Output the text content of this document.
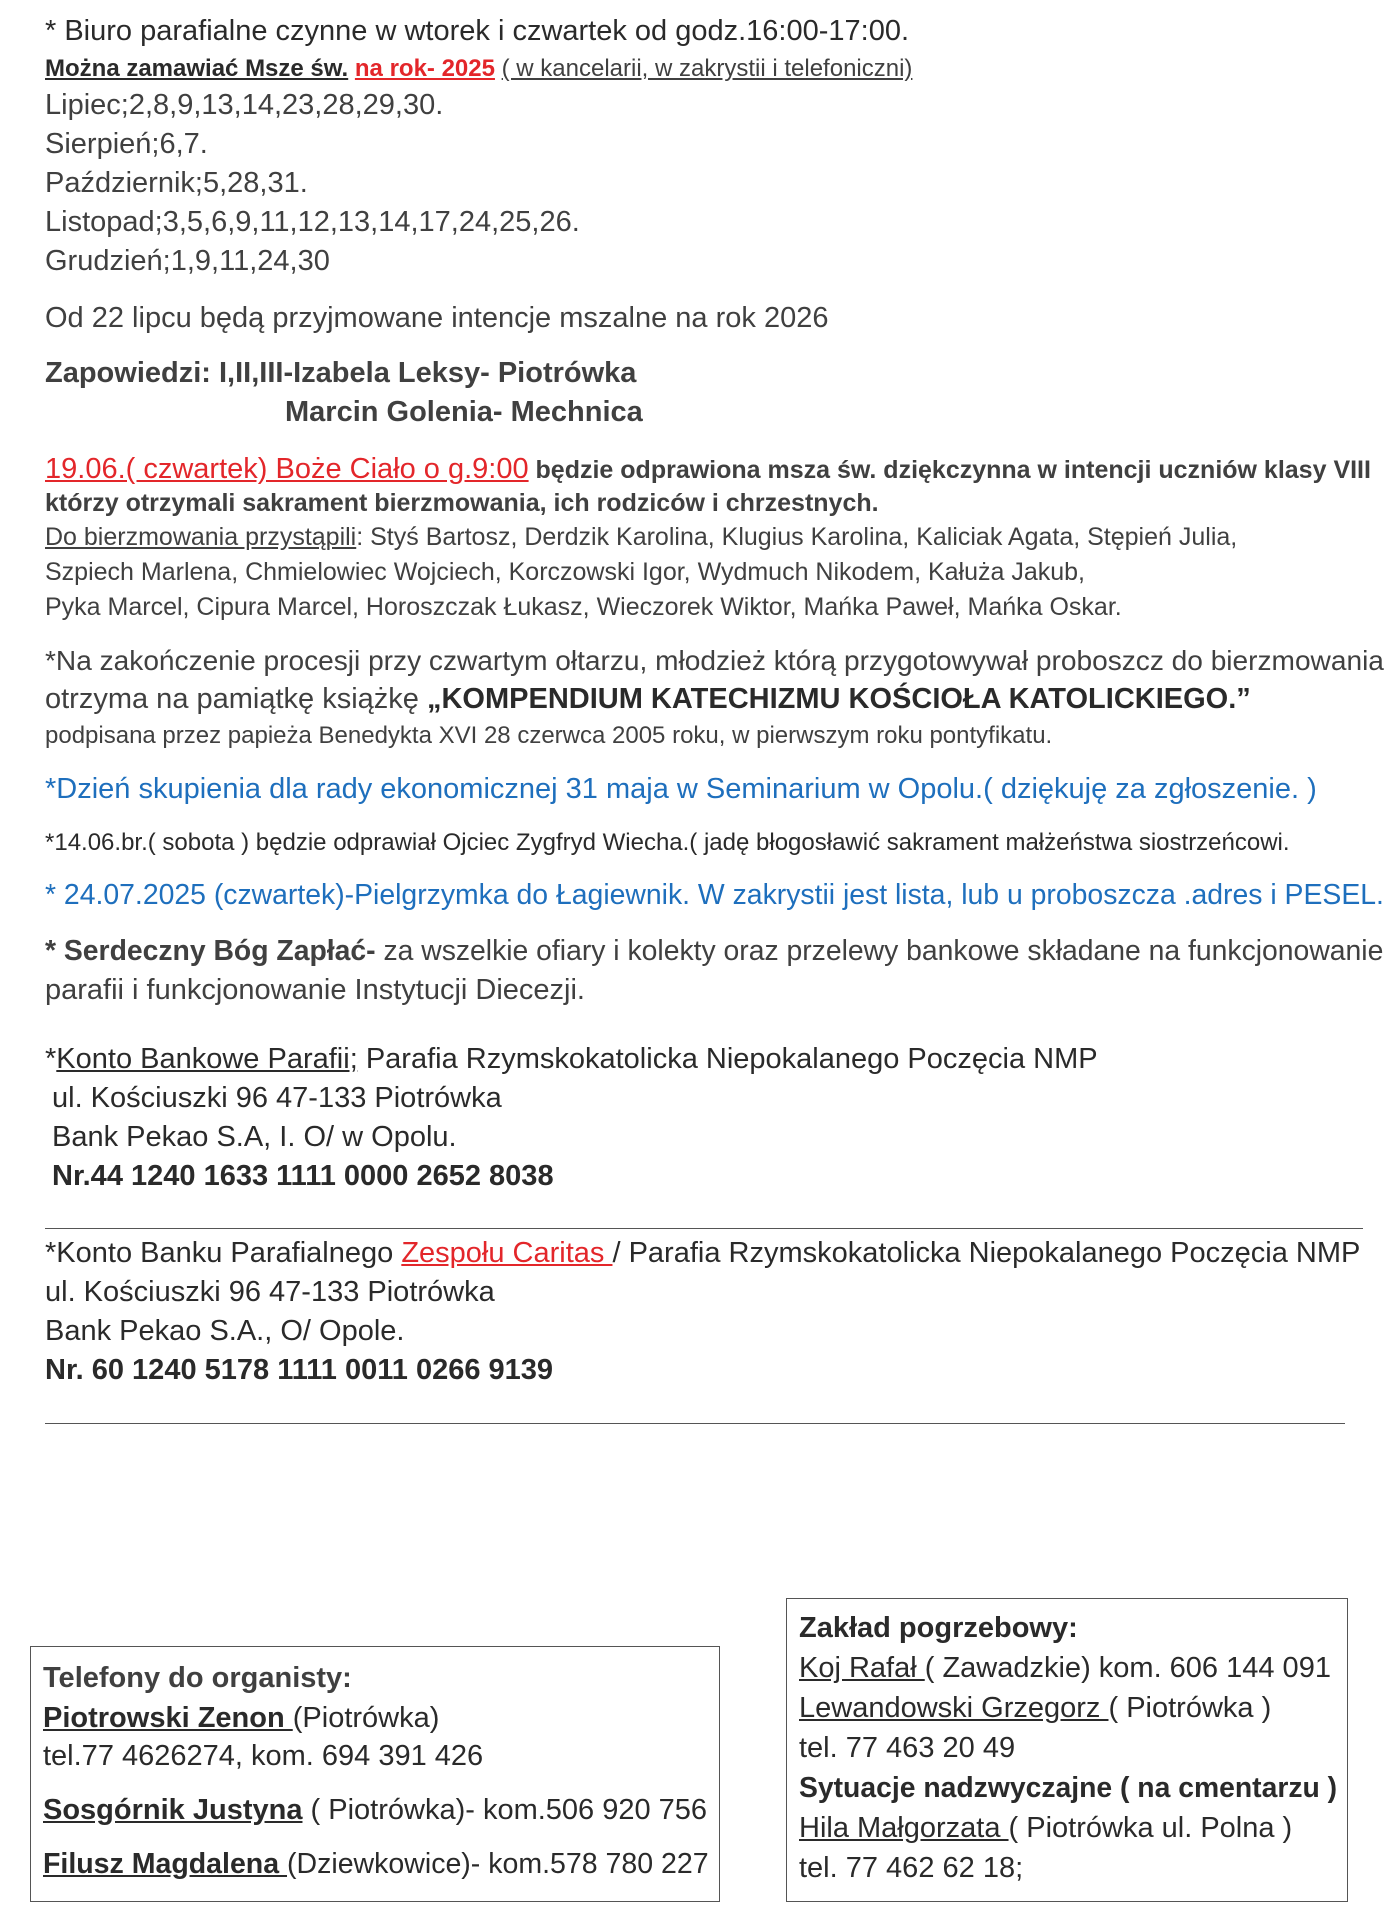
* Biuro parafialne czynne w wtorek i czwartek od godz.16:00-17:00.
Można zamawiać Msze św. na rok- 2025 ( w kancelarii, w zakrystii i telefoniczni)
Lipiec;2,8,9,13,14,23,28,29,30.
Sierpień;6,7.
Październik;5,28,31.
Listopad;3,5,6,9,11,12,13,14,17,24,25,26.
Grudzień;1,9,11,24,30
Od 22 lipcu będą przyjmowane intencje mszalne na rok 2026
Zapowiedzi: I,II,III-Izabela Leksy- Piotrówka
Marcin Golenia- Mechnica
19.06.( czwartek) Boże Ciało o g.9:00 będzie odprawiona msza św. dziękczynna w intencji uczniów klasy VIII
którzy otrzymali sakrament bierzmowania, ich rodziców i chrzestnych.
Do bierzmowania przystąpili: Styś Bartosz, Derdzik Karolina, Klugius Karolina, Kaliciak Agata, Stępień Julia,
Szpiech Marlena, Chmielowiec Wojciech, Korczowski Igor, Wydmuch Nikodem, Kałuża Jakub,
Pyka Marcel, Cipura Marcel, Horoszczak Łukasz, Wieczorek Wiktor, Mańka Paweł, Mańka Oskar.
*Na zakończenie procesji przy czwartym ołtarzu, młodzież którą przygotowywał proboszcz do bierzmowania
otrzyma na pamiątkę książkę „KOMPENDIUM KATECHIZMU KOŚCIOŁA KATOLICKIEGO.”
podpisana przez papieża Benedykta XVI 28 czerwca 2005 roku, w pierwszym roku pontyfikatu.
*Dzień skupienia dla rady ekonomicznej 31 maja w Seminarium w Opolu.( dziękuję za zgłoszenie. )
*14.06.br.( sobota ) będzie odprawiał Ojciec Zygfryd Wiecha.( jadę błogosławić sakrament małżeństwa siostrzeńcowi.
* 24.07.2025 (czwartek)-Pielgrzymka do Łagiewnik. W zakrystii jest lista, lub u proboszcza .adres i PESEL.
* Serdeczny Bóg Zapłać- za wszelkie ofiary i kolekty oraz przelewy bankowe składane na funkcjonowanie
parafii i funkcjonowanie Instytucji Diecezji.
*Konto Bankowe Parafii; Parafia Rzymskokatolicka Niepokalanego Poczęcia NMP
ul. Kościuszki 96 47-133 Piotrówka
Bank Pekao S.A, I. O/ w Opolu.
Nr.44 1240 1633 1111 0000 2652 8038
*Konto Banku Parafialnego Zespołu Caritas / Parafia Rzymskokatolicka Niepokalanego Poczęcia NMP
ul. Kościuszki 96 47-133 Piotrówka
Bank Pekao S.A., O/ Opole.
Nr. 60 1240 5178 1111 0011 0266 9139
Telefony do organisty:
Piotrowski Zenon (Piotrówka)
tel.77 4626274, kom. 694 391 426
Sosgórnik Justyna ( Piotrówka)- kom.506 920 756
Filusz Magdalena (Dziewkowice)- kom.578 780 227
Zakład pogrzebowy:
Koj Rafał ( Zawadzkie) kom. 606 144 091
Lewandowski Grzegorz ( Piotrówka )
tel. 77 463 20 49
Sytuacje nadzwyczajne ( na cmentarzu )
Hila Małgorzata ( Piotrówka ul. Polna )
tel. 77 462 62 18;
